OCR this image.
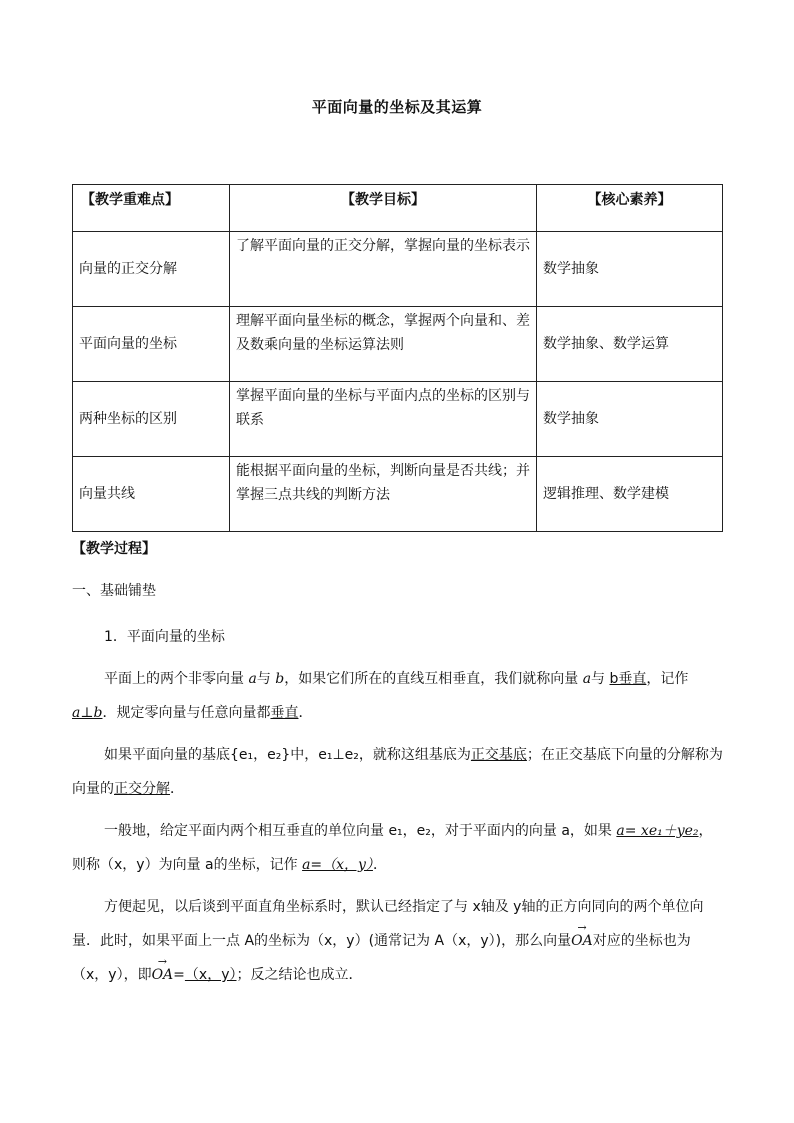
平面向量的坐标及其运算
【教学重难点】	【教学目标】	【核心素养】
向量的正交分解	了解平面向量的正交分解，掌握向量的坐标表示	数学抽象
平面向量的坐标	理解平面向量坐标的概念，掌握两个向量和、差及数乘向量的坐标运算法则	数学抽象、数学运算
两种坐标的区别	掌握平面向量的坐标与平面内点的坐标的区别与联系	数学抽象
向量共线	能根据平面向量的坐标，判断向量是否共线；并掌握三点共线的判断方法	逻辑推理、数学建模
【教学过程】
一、基础铺垫
1．平面向量的坐标
平面上的两个非零向量 a与 b，如果它们所在的直线互相垂直，我们就称向量 a与 b垂直，记作a⊥b．规定零向量与任意向量都垂直．
如果平面向量的基底{e₁，e₂}中，e₁⊥e₂，就称这组基底为正交基底；在正交基底下向量的分解称为向量的正交分解．
一般地，给定平面内两个相互垂直的单位向量 e₁，e₂，对于平面内的向量 a，如果 a= xe₁＋ye₂，则称（x，y）为向量 a的坐标，记作 a=（x，y）．
方便起见，以后谈到平面直角坐标系时，默认已经指定了与 x轴及 y轴的正方向同向的两个单位向量．此时，如果平面上一点 A的坐标为（x，y）(通常记为 A（x，y）)，那么向量→ OA对应的坐标也为（x，y），即→ OA=（x，y）；反之结论也成立．
